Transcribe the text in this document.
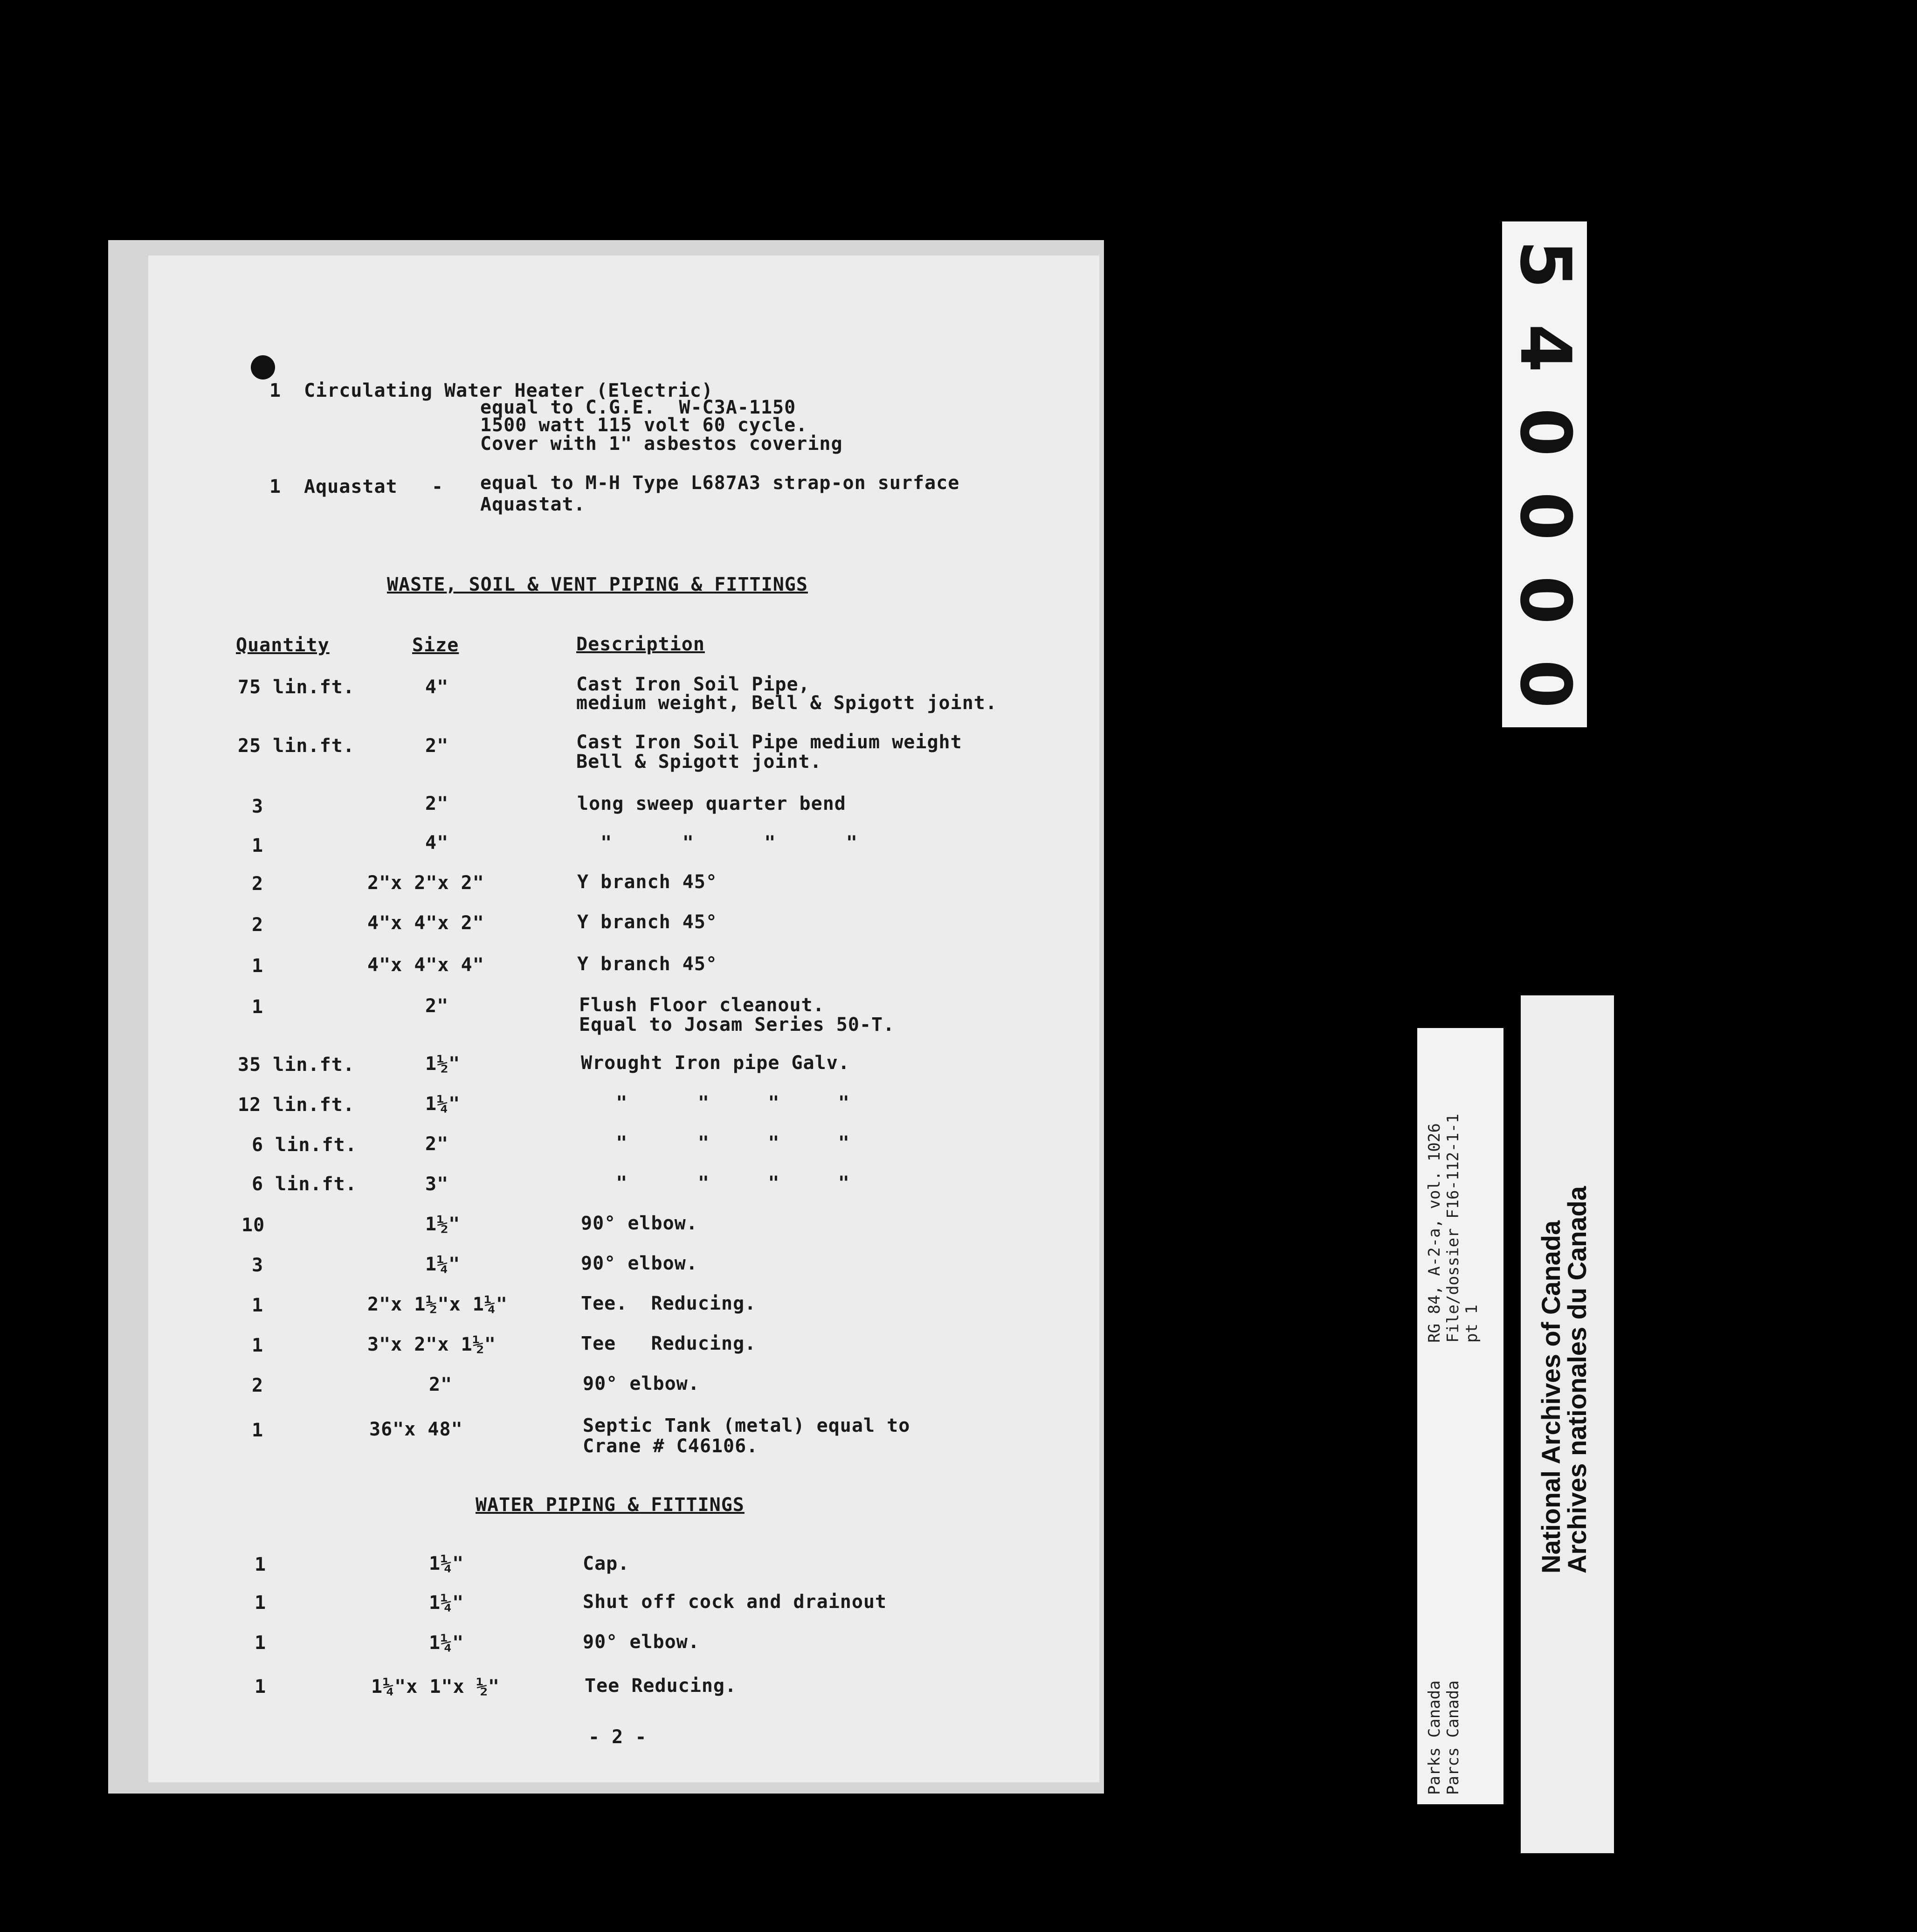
1 Circulating Water Heater (Electric)
equal to C.G.E.  W-C3A-1150
1500 watt 115 volt 60 cycle.
Cover with 1" asbestos covering
1 Aquastat - equal to M-H Type L687A3 strap-on surface
Aquastat.
WASTE, SOIL & VENT PIPING & FITTINGS
Quantity	Size	Description
75 lin.ft.	4"	Cast Iron Soil Pipe,
medium weight, Bell & Spigott joint.
25 lin.ft.	2"	Cast Iron Soil Pipe medium weight
Bell & Spigott joint.
3	2"	long sweep quarter bend
1	4"	"      "      "      "
2	2"x 2"x 2"	Y branch 45°
2	4"x 4"x 2"	Y branch 45°
1	4"x 4"x 4"	Y branch 45°
1	2"	Flush Floor cleanout.
Equal to Josam Series 50-T.
35 lin.ft.	1½"	Wrought Iron pipe Galv.
12 lin.ft.	1¼"	"      "     "     "
6 lin.ft.	2"	"      "     "     "
6 lin.ft.	3"	"      "     "     "
10	1½"	90° elbow.
3	1¼"	90° elbow.
1	2"x 1½"x 1¼"	Tee.  Reducing.
1	3"x 2"x 1½"	Tee   Reducing.
2	2"	90° elbow.
1	36"x 48"	Septic Tank (metal) equal to
Crane # C46106.
WATER PIPING & FITTINGS
1	1¼"	Cap.
1	1¼"	Shut off cock and drainout
1	1¼"	90° elbow.
1	1¼"x 1"x ½"	Tee Reducing.
- 2 -
5
4
0
0
0
0
RG 84, A-2-a, vol. 1026 File/dossier F16-112-1-1 pt 1
Parks Canada Parcs Canada
National Archives of Canada
Archives nationales du Canada
